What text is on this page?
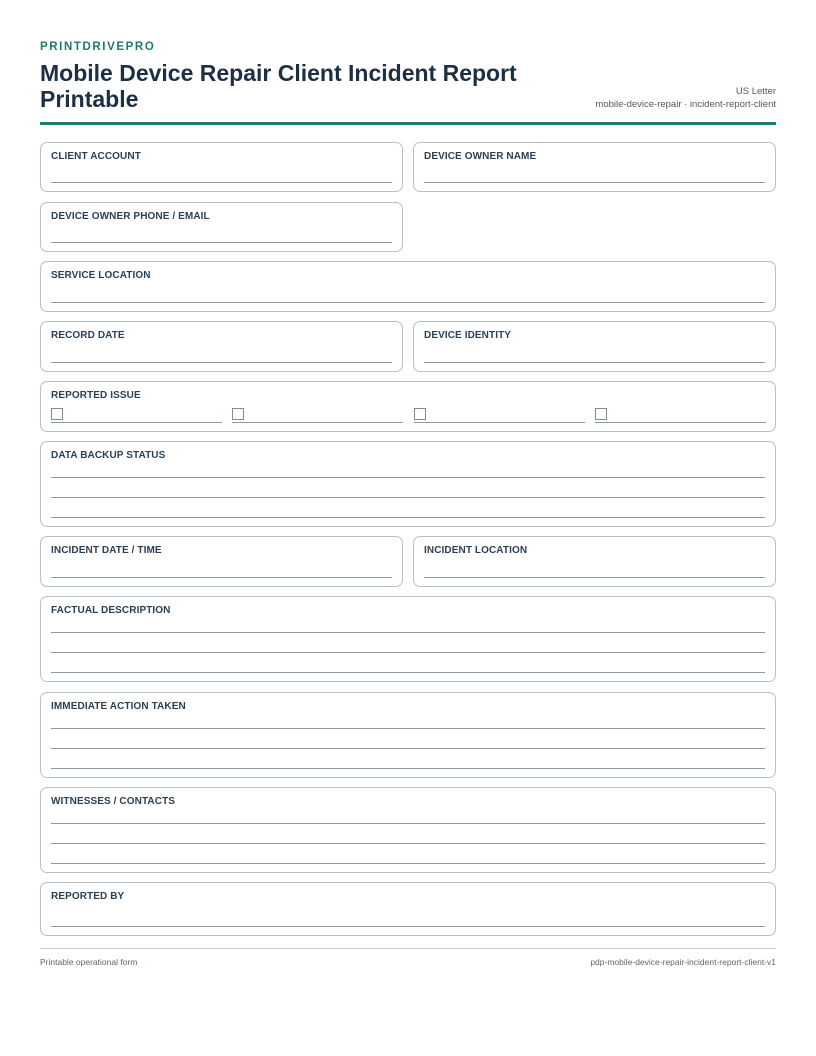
PRINTDRIVEPRO
Mobile Device Repair Client Incident Report Printable	US Letter
mobile-device-repair · incident-report-client
CLIENT ACCOUNT	DEVICE OWNER NAME
DEVICE OWNER PHONE / EMAIL
SERVICE LOCATION
RECORD DATE	DEVICE IDENTITY
REPORTED ISSUE
DATA BACKUP STATUS
INCIDENT DATE / TIME	INCIDENT LOCATION
FACTUAL DESCRIPTION
IMMEDIATE ACTION TAKEN
WITNESSES / CONTACTS
REPORTED BY
Printable operational form	pdp-mobile-device-repair-incident-report-client-v1
